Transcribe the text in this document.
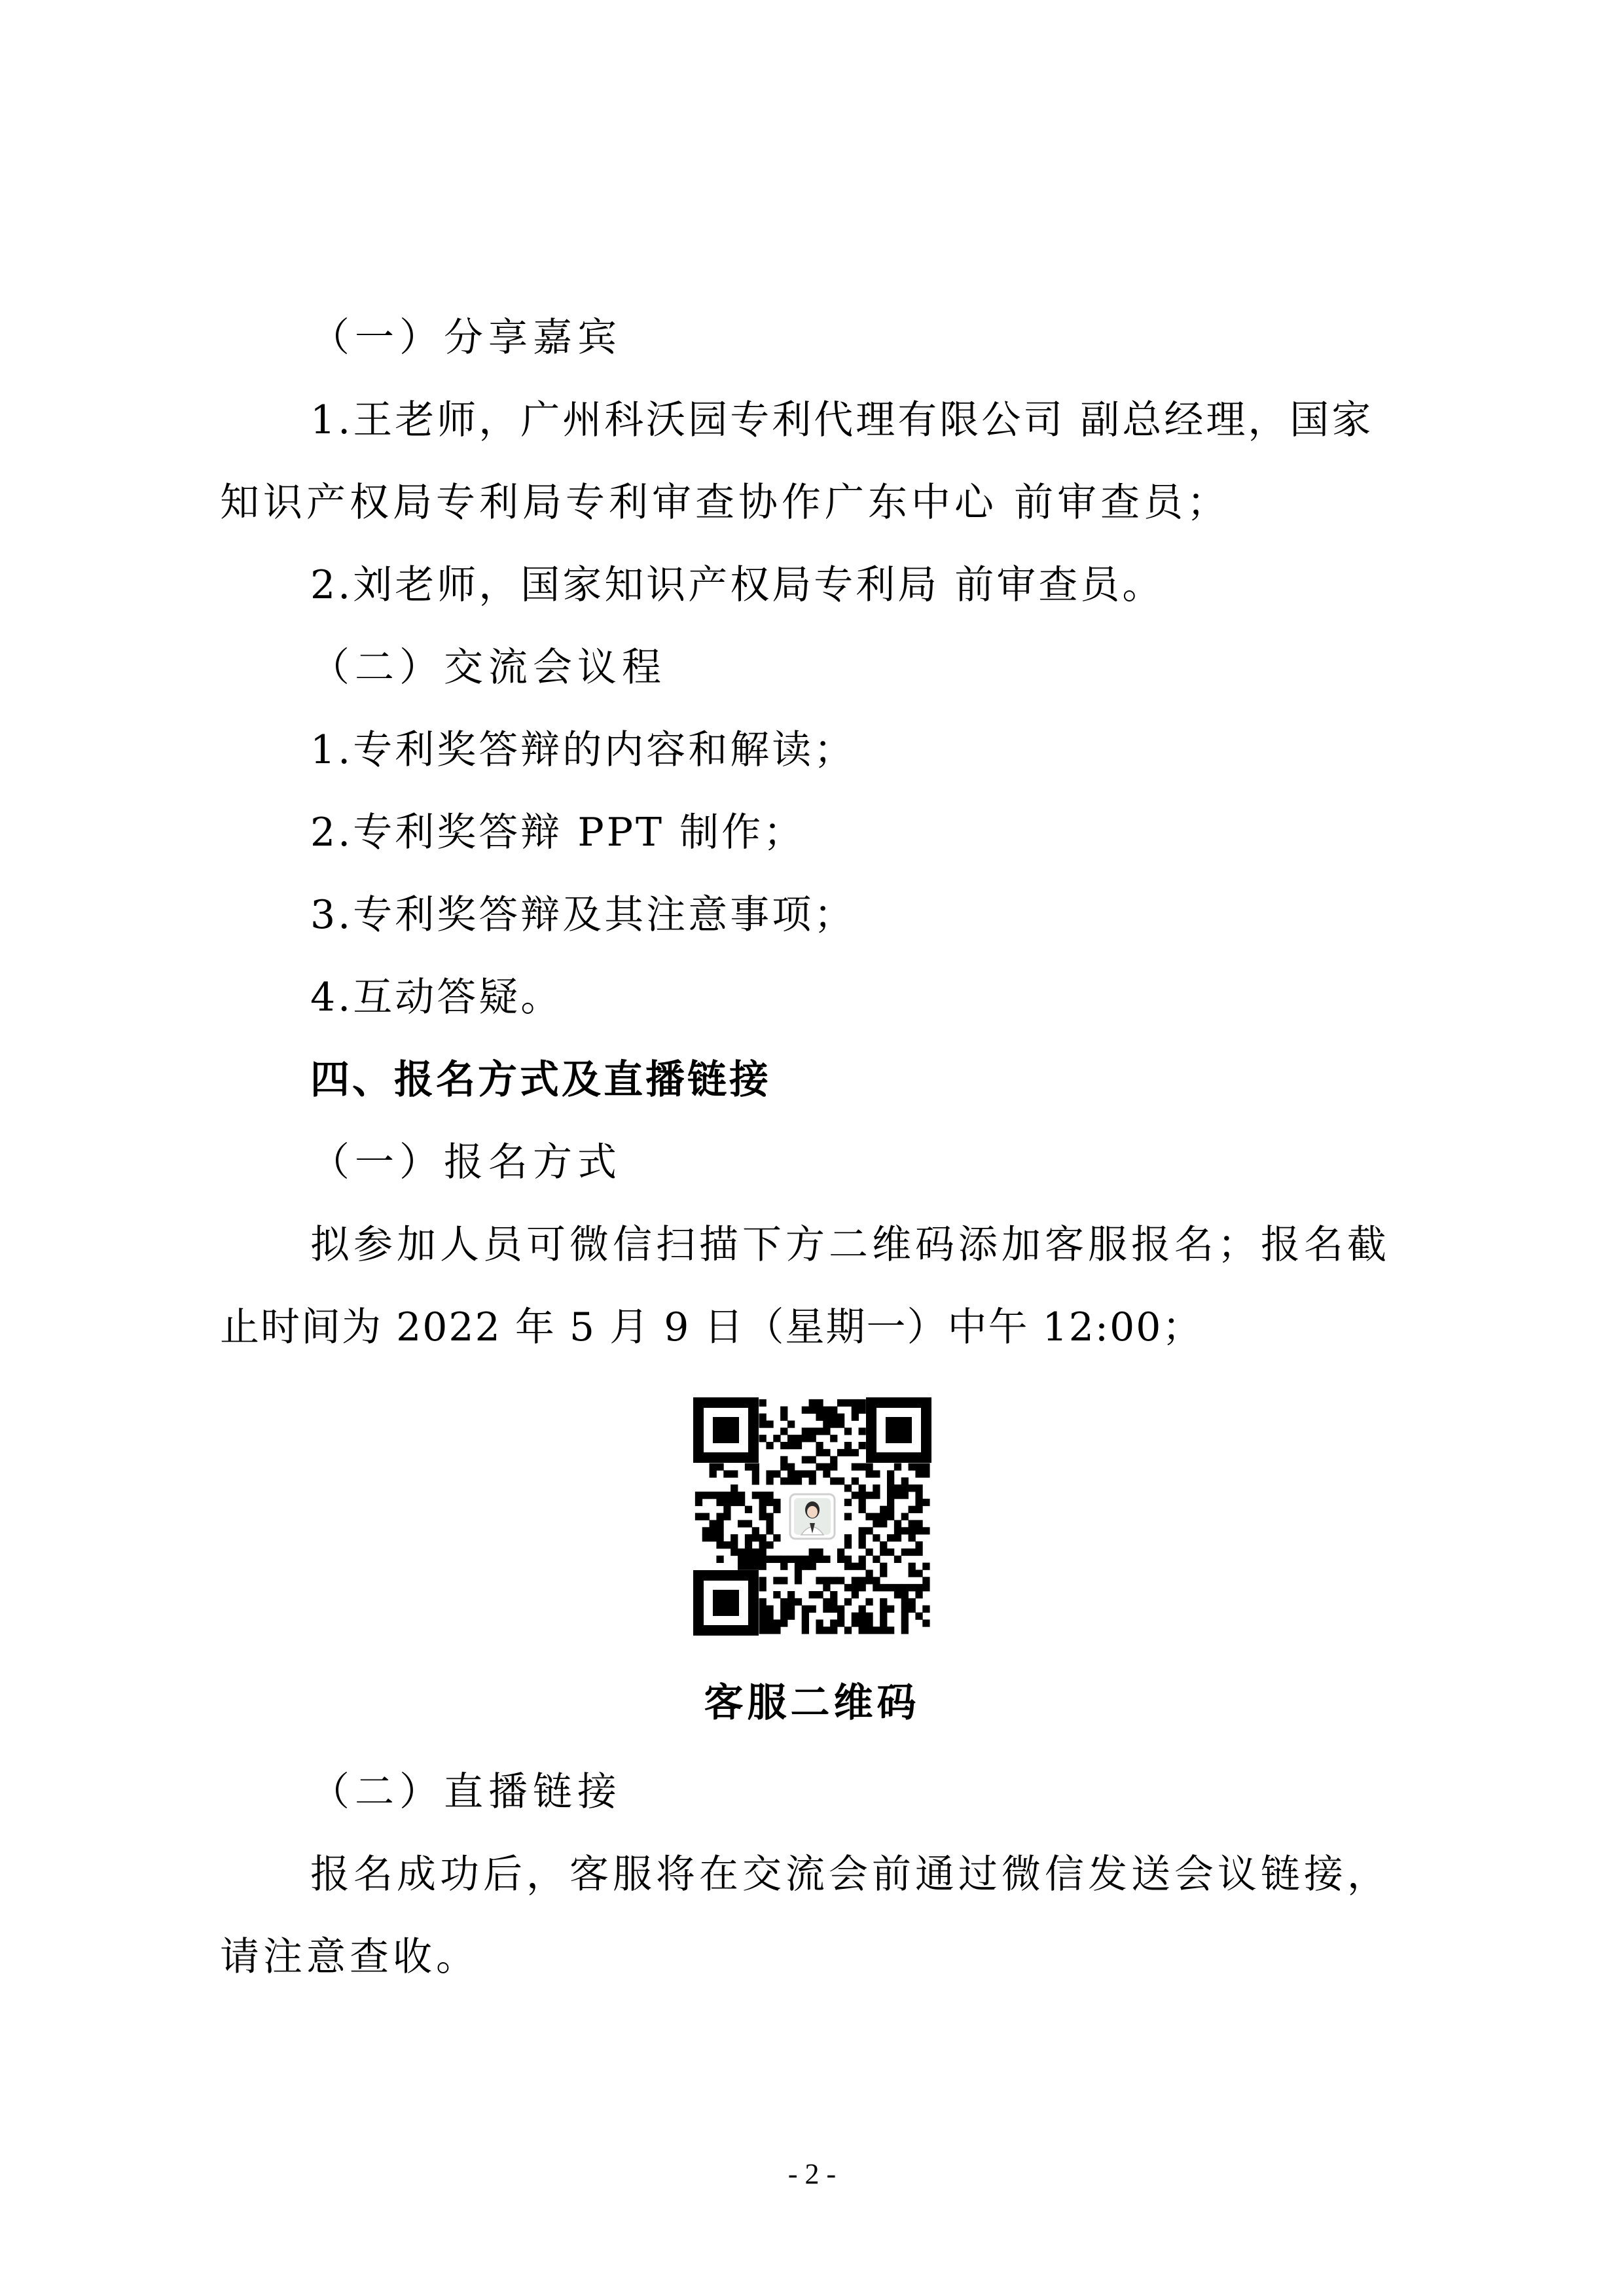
（一）分享嘉宾
1.王老师，广州科沃园专利代理有限公司 副总经理，国家
知识产权局专利局专利审查协作广东中心 前审查员；
2.刘老师，国家知识产权局专利局 前审查员。
（二）交流会议程
1.专利奖答辩的内容和解读；
2.专利奖答辩 PPT 制作；
3.专利奖答辩及其注意事项；
4.互动答疑。
四、报名方式及直播链接
（一）报名方式
拟参加人员可微信扫描下方二维码添加客服报名；报名截
止时间为 2022 年 5 月 9 日（星期一）中午 12:00；
客服二维码
（二）直播链接
报名成功后，客服将在交流会前通过微信发送会议链接，
请注意查收。
- 2 -
